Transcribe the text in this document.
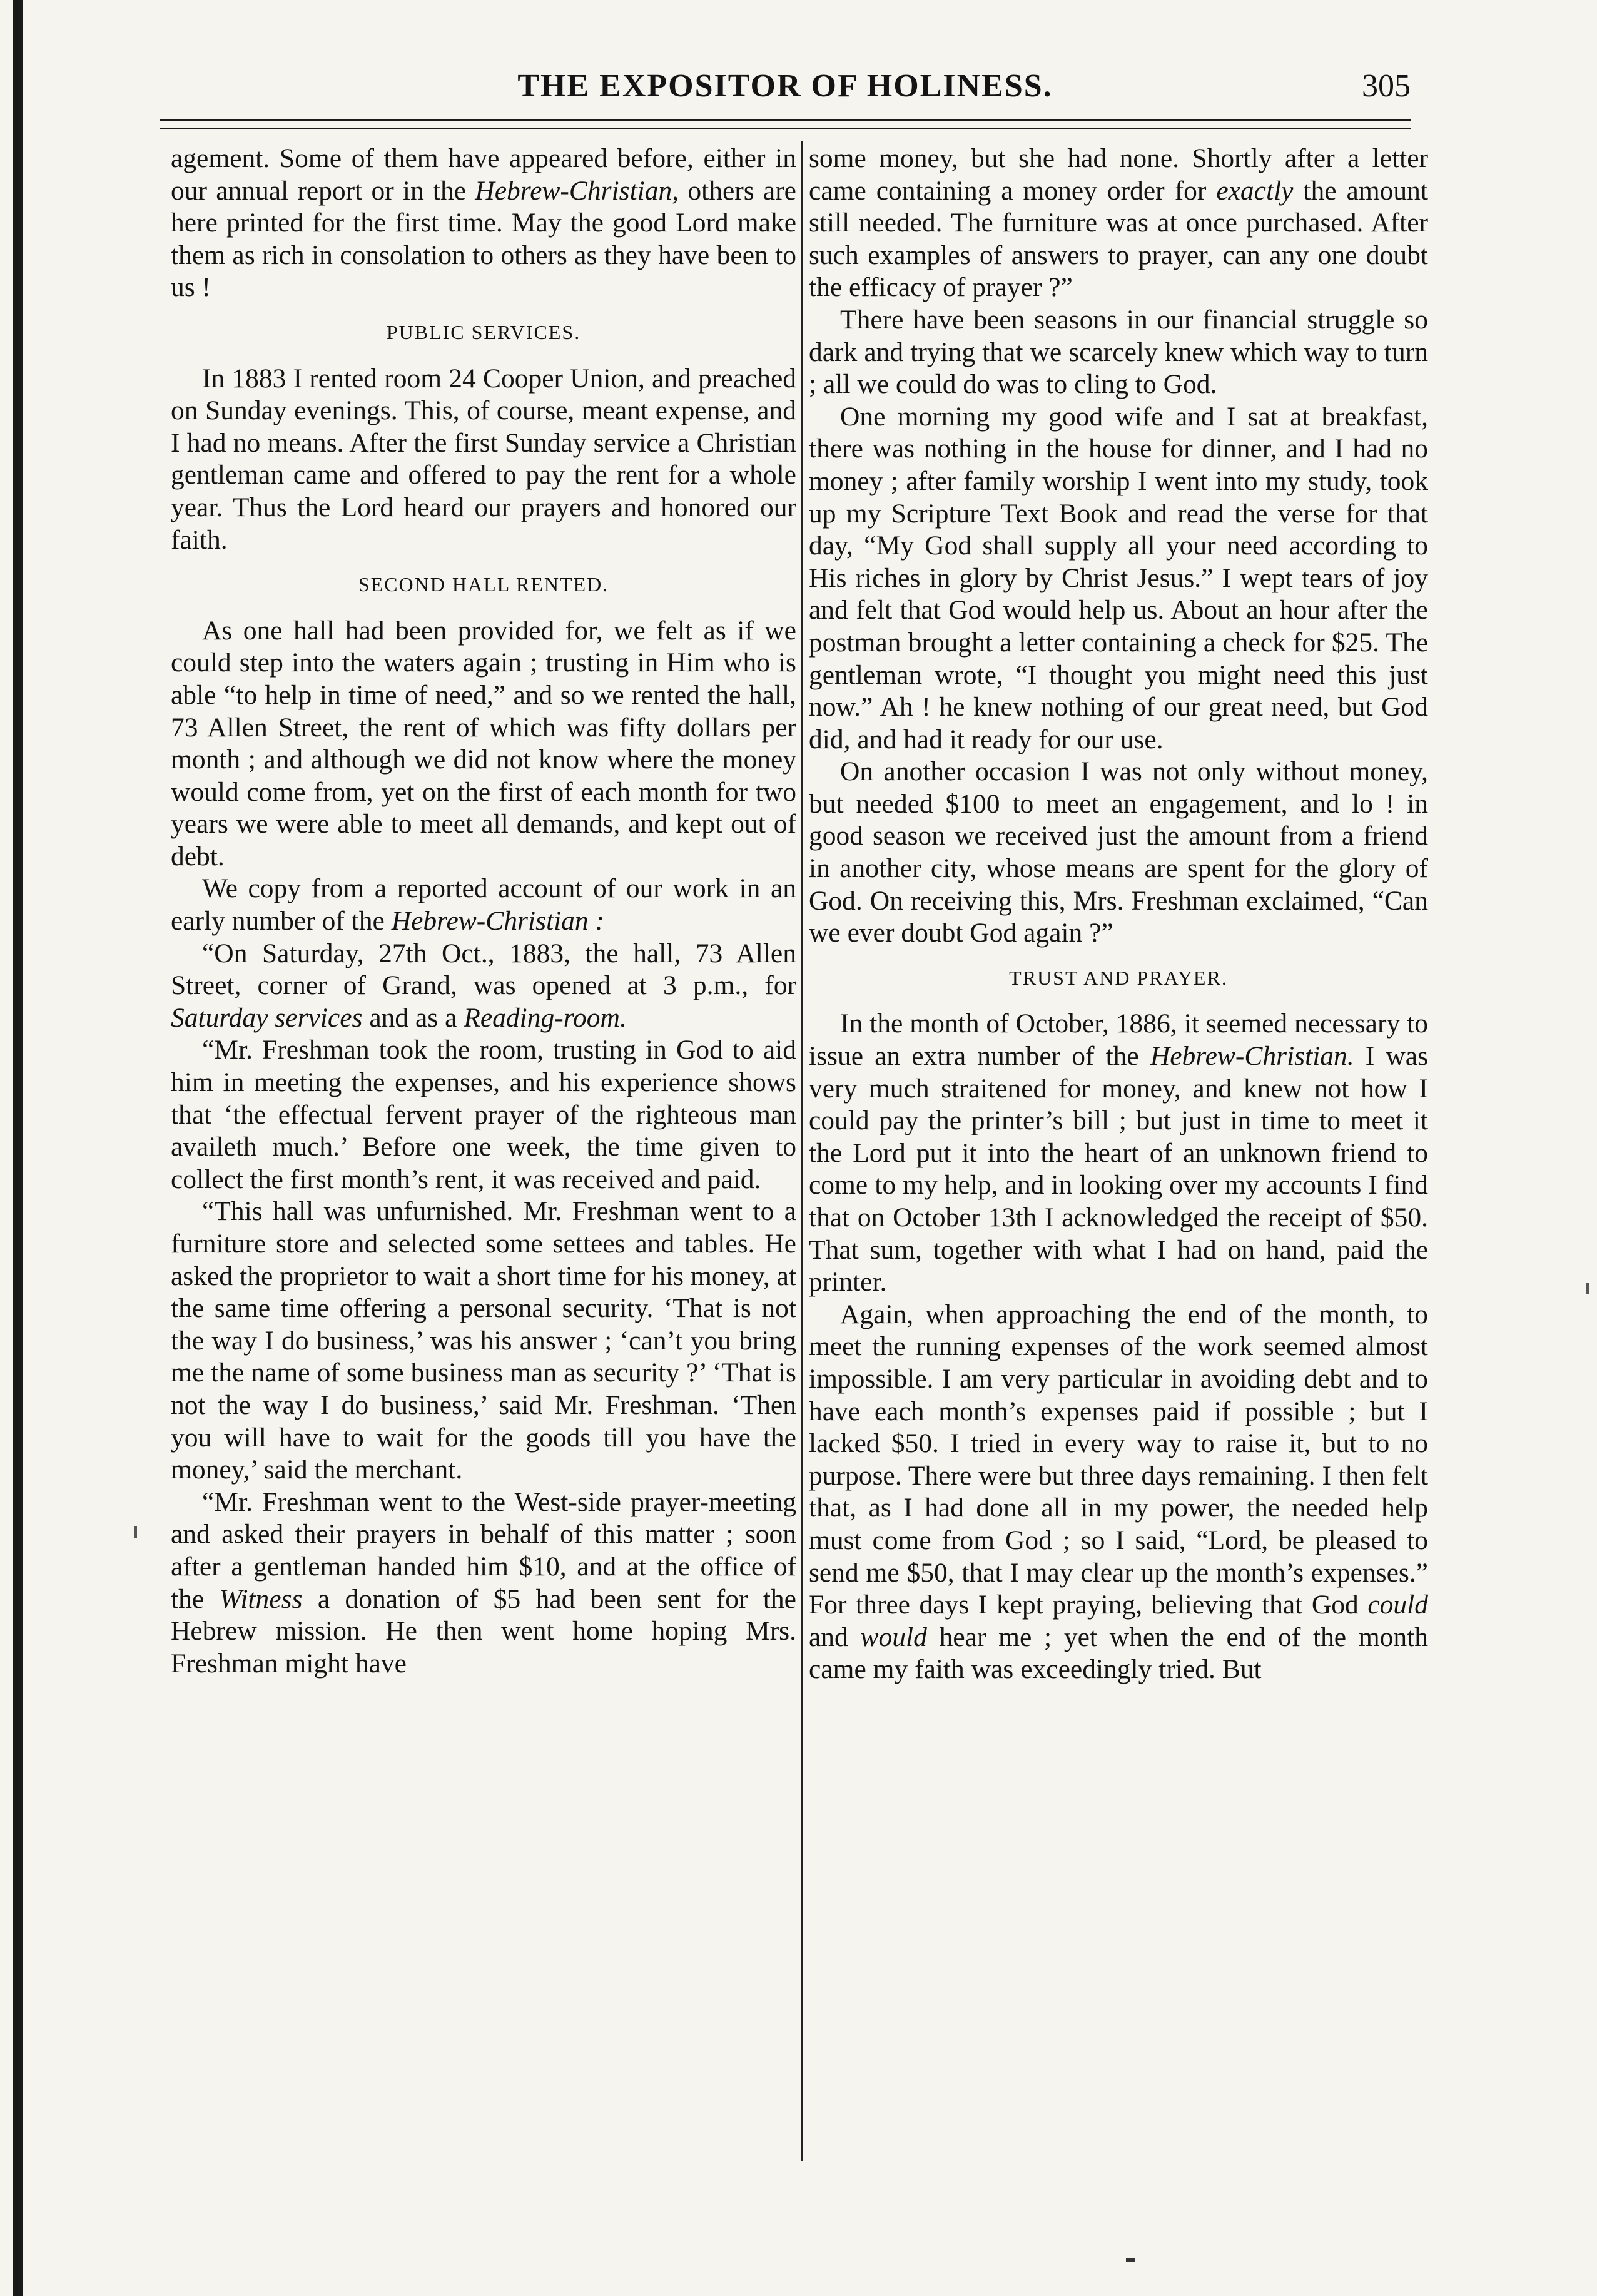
THE EXPOSITOR OF HOLINESS.	305

agement. Some of them have appeared before, either in our annual report or in the Hebrew-Christian, others are here printed for the first time. May the good Lord make them as rich in consolation to others as they have been to us !

PUBLIC SERVICES.

In 1883 I rented room 24 Cooper Union, and preached on Sunday evenings. This, of course, meant expense, and I had no means. After the first Sunday service a Christian gentleman came and offered to pay the rent for a whole year. Thus the Lord heard our prayers and honored our faith.

SECOND HALL RENTED.

As one hall had been provided for, we felt as if we could step into the waters again ; trusting in Him who is able “to help in time of need,” and so we rented the hall, 73 Allen Street, the rent of which was fifty dollars per month ; and although we did not know where the money would come from, yet on the first of each month for two years we were able to meet all demands, and kept out of debt.

We copy from a reported account of our work in an early number of the Hebrew-Christian :

“On Saturday, 27th Oct., 1883, the hall, 73 Allen Street, corner of Grand, was opened at 3 p.m., for Saturday services and as a Reading-room.

“Mr. Freshman took the room, trusting in God to aid him in meeting the expenses, and his experience shows that ‘the effectual fervent prayer of the righteous man availeth much.’ Before one week, the time given to collect the first month’s rent, it was received and paid.

“This hall was unfurnished. Mr. Freshman went to a furniture store and selected some settees and tables. He asked the proprietor to wait a short time for his money, at the same time offering a personal security. ‘That is not the way I do business,’ was his answer ; ‘can’t you bring me the name of some business man as security ?’ ‘That is not the way I do business,’ said Mr. Freshman. ‘Then you will have to wait for the goods till you have the money,’ said the merchant.

“Mr. Freshman went to the West-side prayer-meeting and asked their prayers in behalf of this matter ; soon after a gentleman handed him $10, and at the office of the Witness a donation of $5 had been sent for the Hebrew mission. He then went home hoping Mrs. Freshman might have

some money, but she had none. Shortly after a letter came containing a money order for exactly the amount still needed. The furniture was at once purchased. After such examples of answers to prayer, can any one doubt the efficacy of prayer ?”

There have been seasons in our financial struggle so dark and trying that we scarcely knew which way to turn ; all we could do was to cling to God.

One morning my good wife and I sat at breakfast, there was nothing in the house for dinner, and I had no money ; after family worship I went into my study, took up my Scripture Text Book and read the verse for that day, “My God shall supply all your need according to His riches in glory by Christ Jesus.” I wept tears of joy and felt that God would help us. About an hour after the postman brought a letter containing a check for $25. The gentleman wrote, “I thought you might need this just now.” Ah ! he knew nothing of our great need, but God did, and had it ready for our use.

On another occasion I was not only without money, but needed $100 to meet an engagement, and lo ! in good season we received just the amount from a friend in another city, whose means are spent for the glory of God. On receiving this, Mrs. Freshman exclaimed, “Can we ever doubt God again ?”

TRUST AND PRAYER.

In the month of October, 1886, it seemed necessary to issue an extra number of the Hebrew-Christian. I was very much straitened for money, and knew not how I could pay the printer’s bill ; but just in time to meet it the Lord put it into the heart of an unknown friend to come to my help, and in looking over my accounts I find that on October 13th I acknowledged the receipt of $50. That sum, together with what I had on hand, paid the printer.

Again, when approaching the end of the month, to meet the running expenses of the work seemed almost impossible. I am very particular in avoiding debt and to have each month’s expenses paid if possible ; but I lacked $50. I tried in every way to raise it, but to no purpose. There were but three days remaining. I then felt that, as I had done all in my power, the needed help must come from God ; so I said, “Lord, be pleased to send me $50, that I may clear up the month’s expenses.” For three days I kept praying, believing that God could and would hear me ; yet when the end of the month came my faith was exceedingly tried. But
